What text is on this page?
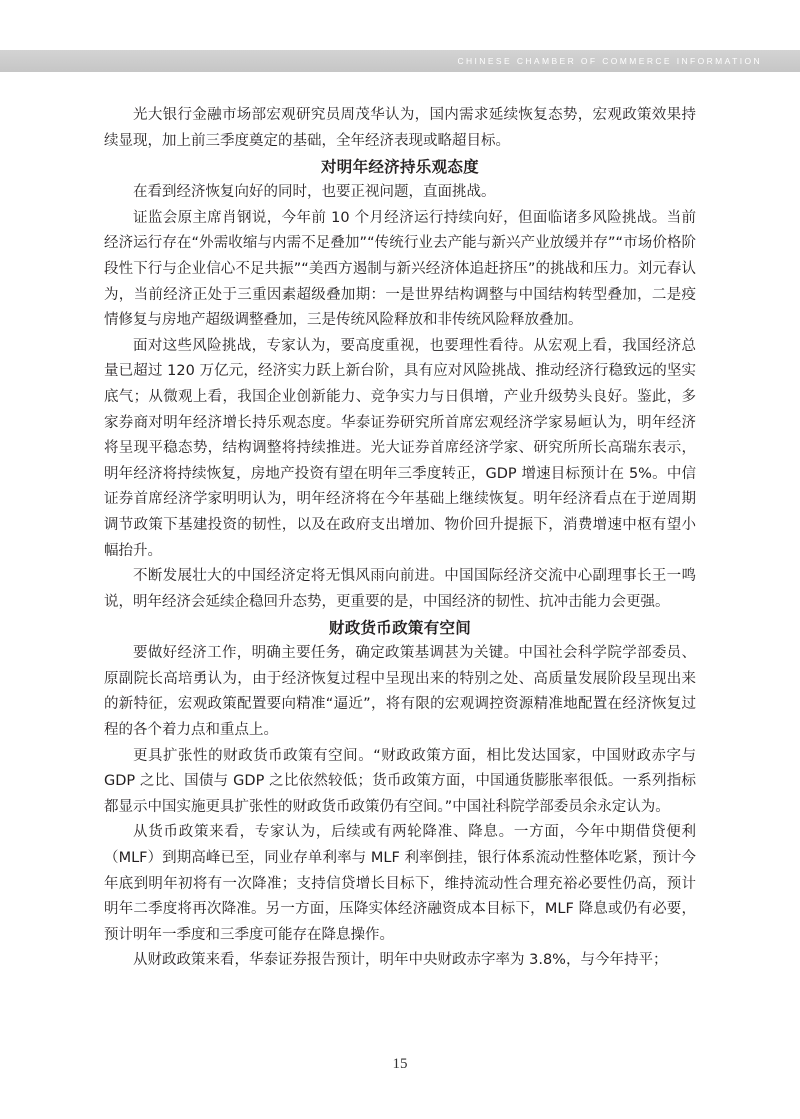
CHINESE CHAMBER OF COMMERCE INFORMATION

光大银行金融市场部宏观研究员周茂华认为，国内需求延续恢复态势，宏观政策效果持续显现，加上前三季度奠定的基础，全年经济表现或略超目标。

对明年经济持乐观态度

在看到经济恢复向好的同时，也要正视问题，直面挑战。

证监会原主席肖钢说，今年前 10 个月经济运行持续向好，但面临诸多风险挑战。当前经济运行存在“外需收缩与内需不足叠加”“传统行业去产能与新兴产业放缓并存”“市场价格阶段性下行与企业信心不足共振”“美西方遏制与新兴经济体追赶挤压”的挑战和压力。刘元春认为，当前经济正处于三重因素超级叠加期：一是世界结构调整与中国结构转型叠加，二是疫情修复与房地产超级调整叠加，三是传统风险释放和非传统风险释放叠加。

面对这些风险挑战，专家认为，要高度重视，也要理性看待。从宏观上看，我国经济总量已超过 120 万亿元，经济实力跃上新台阶，具有应对风险挑战、推动经济行稳致远的坚实底气；从微观上看，我国企业创新能力、竞争实力与日俱增，产业升级势头良好。鉴此，多家券商对明年经济增长持乐观态度。华泰证券研究所首席宏观经济学家易峘认为，明年经济将呈现平稳态势，结构调整将持续推进。光大证券首席经济学家、研究所所长高瑞东表示，明年经济将持续恢复，房地产投资有望在明年三季度转正，GDP 增速目标预计在 5%。中信证券首席经济学家明明认为，明年经济将在今年基础上继续恢复。明年经济看点在于逆周期调节政策下基建投资的韧性，以及在政府支出增加、物价回升提振下，消费增速中枢有望小幅抬升。

不断发展壮大的中国经济定将无惧风雨向前进。中国国际经济交流中心副理事长王一鸣说，明年经济会延续企稳回升态势，更重要的是，中国经济的韧性、抗冲击能力会更强。

财政货币政策有空间

要做好经济工作，明确主要任务，确定政策基调甚为关键。中国社会科学院学部委员、原副院长高培勇认为，由于经济恢复过程中呈现出来的特别之处、高质量发展阶段呈现出来的新特征，宏观政策配置要向精准“逼近”，将有限的宏观调控资源精准地配置在经济恢复过程的各个着力点和重点上。

更具扩张性的财政货币政策有空间。“财政政策方面，相比发达国家，中国财政赤字与 GDP 之比、国债与 GDP 之比依然较低；货币政策方面，中国通货膨胀率很低。一系列指标都显示中国实施更具扩张性的财政货币政策仍有空间。”中国社科院学部委员余永定认为。

从货币政策来看，专家认为，后续或有两轮降准、降息。一方面，今年中期借贷便利（MLF）到期高峰已至，同业存单利率与 MLF 利率倒挂，银行体系流动性整体吃紧，预计今年底到明年初将有一次降准；支持信贷增长目标下，维持流动性合理充裕必要性仍高，预计明年二季度将再次降准。另一方面，压降实体经济融资成本目标下，MLF 降息或仍有必要，预计明年一季度和三季度可能存在降息操作。

从财政政策来看，华泰证券报告预计，明年中央财政赤字率为 3.8%，与今年持平；

15
